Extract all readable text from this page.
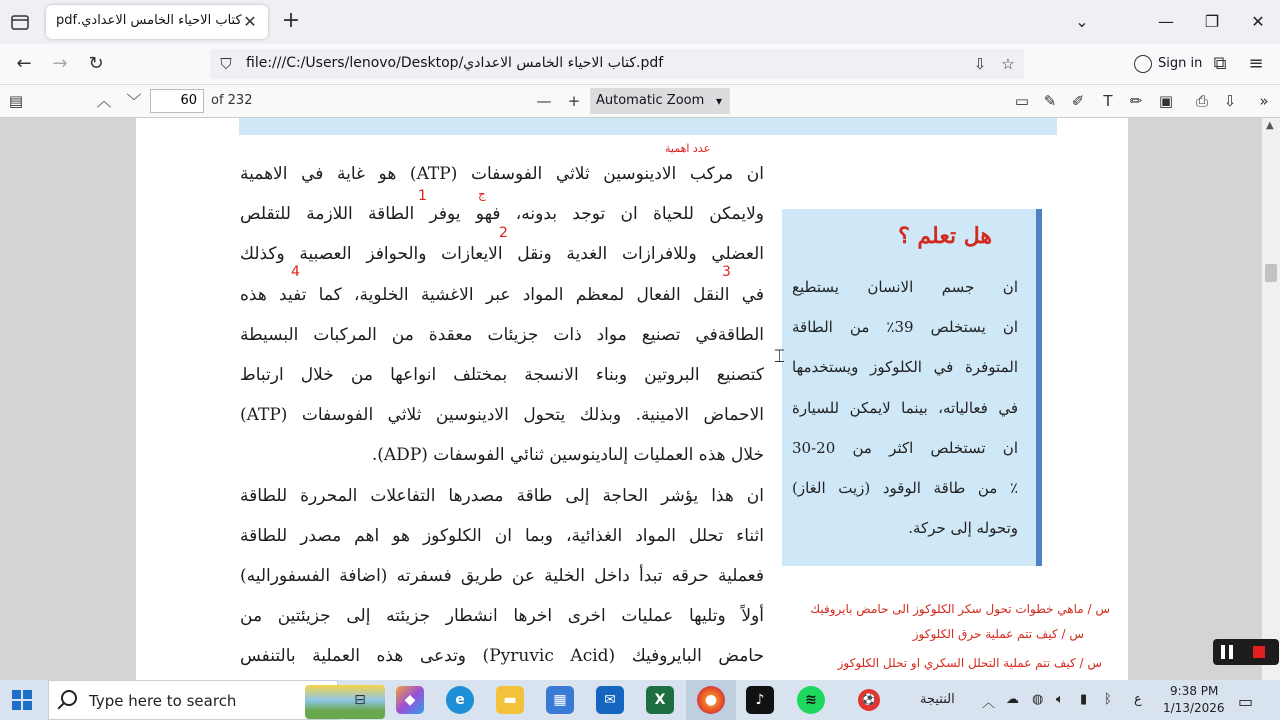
كتاب الاحياء الخامس الاعدادي.pdf ✕ +	⌄	—	❐	✕
← → ↻	⛉	file:///C:/Users/lenovo/Desktop/كتاب الاحياء الخامس الاعدادي.pdf	⇩ ☆	Sign in ⧉	≡
▤	︿ ﹀	60	of 232	—	+	Automatic Zoom ▾	▭ ✎	✐	T	✏	▣	⎙	⇩	»
عدد اهمية
ج
1
2
3
4

ان مركب الادينوسين ثلاثي الفوسفات (ATP) هو غاية في الاهمية

ولايمكن للحياة ان توجد بدونه، فهو يوفر الطاقة اللازمة للتقلص

العضلي وللافرازات الغدية ونقل الايعازات والحوافز العصبية وكذلك

في النقل الفعال لمعظم المواد عبر الاغشية الخلوية، كما تفيد هذه

الطاقةفي تصنيع مواد ذات جزيئات معقدة من المركبات البسيطة

كتصنيع البروتين وبناء الانسجة بمختلف انواعها من خلال ارتباط

الاحماض الامينية. وبذلك يتحول الادينوسين ثلاثي الفوسفات (ATP)

خلال هذه العمليات إلىادينوسين ثنائي الفوسفات (ADP).

ان هذا يؤشر الحاجة إلى طاقة مصدرها التفاعلات المحررة للطاقة

اثناء تحلل المواد الغذائية، وبما ان الكلوكوز هو اهم مصدر للطاقة

فعملية حرقه تبدأ داخل الخلية عن طريق فسفرته (اضافة الفسفوراليه)

أولاً وتليها عمليات اخرى اخرها انشطار جزيئته إلى جزيئتين من

حامض البايروفيك (Pyruvic Acid) وتدعى هذه العملية بالتنفس

هل تعلم ؟

ان جسم الانسان يستطيع

ان يستخلص 39٪ من الطاقة

المتوفرة في الكلوكوز ويستخدمها

في فعالياته، بينما لايمكن للسيارة

ان تستخلص اكثر من 20-30

٪ من طاقة الوقود (زيت الغاز)

وتحوله إلى حركة.

س / ماهي خطوات تحول سكر الكلوكوز الى حامض بايروفيك
س / كيف تتم عملية حرق الكلوكوز
س / كيف تتم عملية التحلل السكري او تحلل الكلوكوز
⌶
▲
Type here to search	⊟	◆	e	▬	▦	✉	X	●	♪	≋	⚽	النتيجة ︿ ☁ ◍ 🔈︎ ▮ ᛒ ع
9:38 PM
1/13/2026 ▭
